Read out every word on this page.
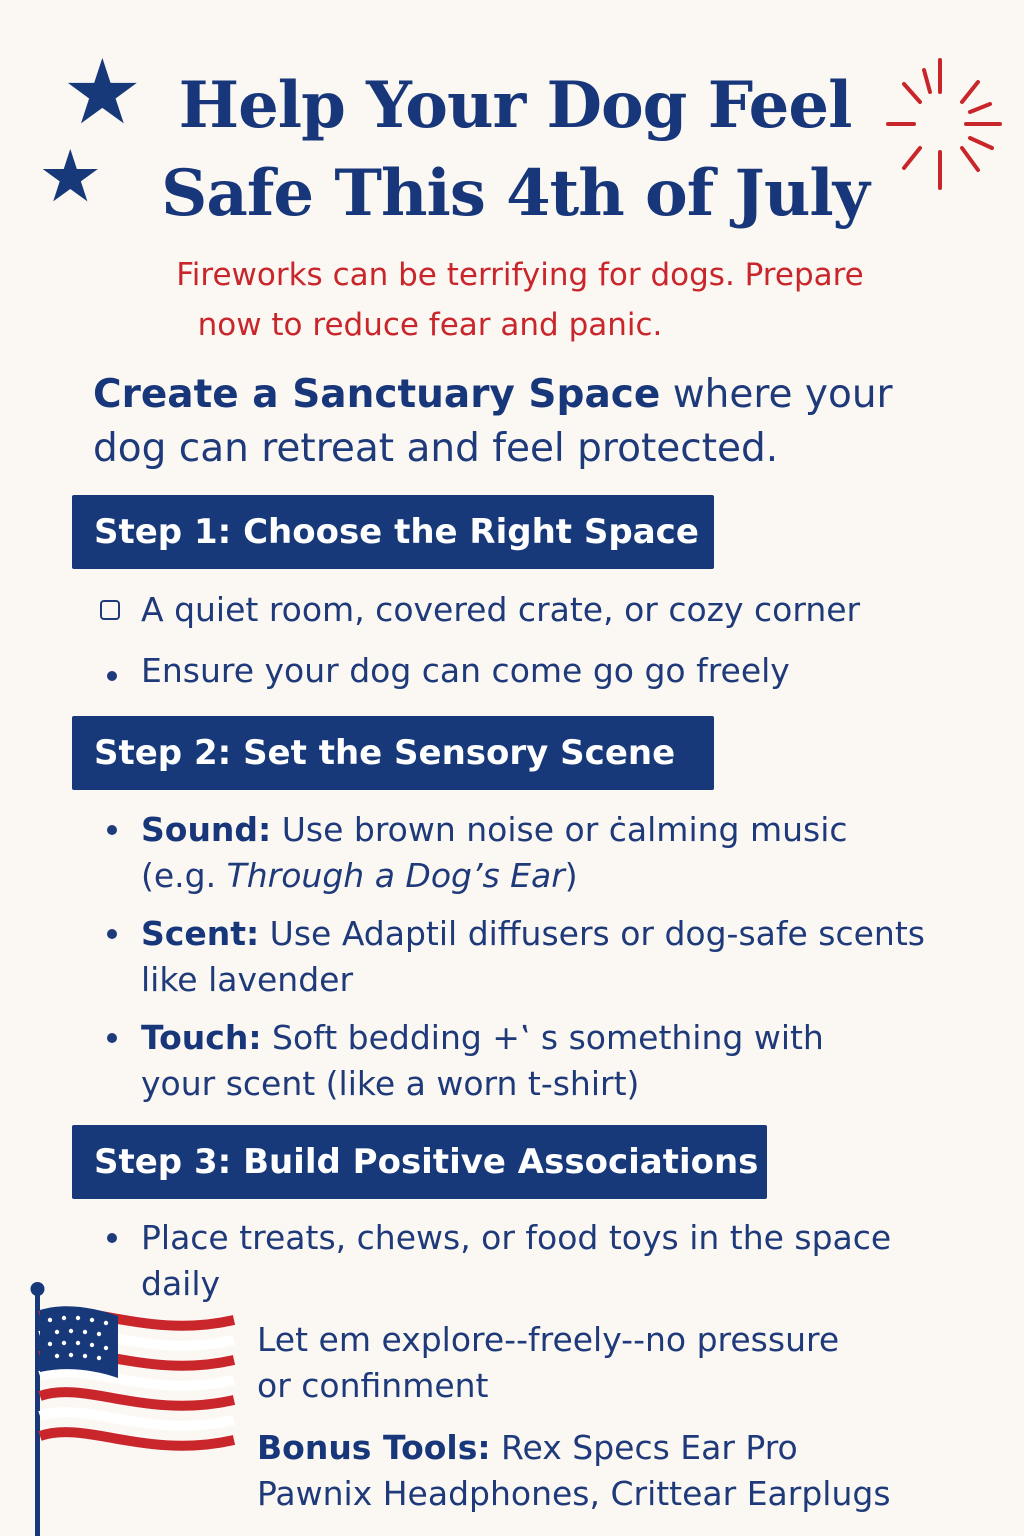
★
★
Help Your Dog Feel
Safe This 4th of July
Fireworks can be terrifying for dogs. Prepare
now to reduce fear and panic.
Create a Sanctuary Space where your
dog can retreat and feel protected.
Step 1: Choose the Right Space
A quiet room, covered crate, or cozy corner
Ensure your dog can come go go freely
Step 2: Set the Sensory Scene
Sound: Use brown noise or ċalming music
(e.g. Through a Dog’s Ear)
Scent: Use Adaptil diffusers or dog-safe scents
like lavender
Touch: Soft bedding +‛ s something with
your scent (like a worn t-shirt)
Step 3: Build Positive Associations
Place treats, chews, or food toys in the space
daily
Let em explore--freely--no pressure
or confinment
Bonus Tools: Rex Specs Ear Pro
Pawnix Headphones, Crittear Earplugs
